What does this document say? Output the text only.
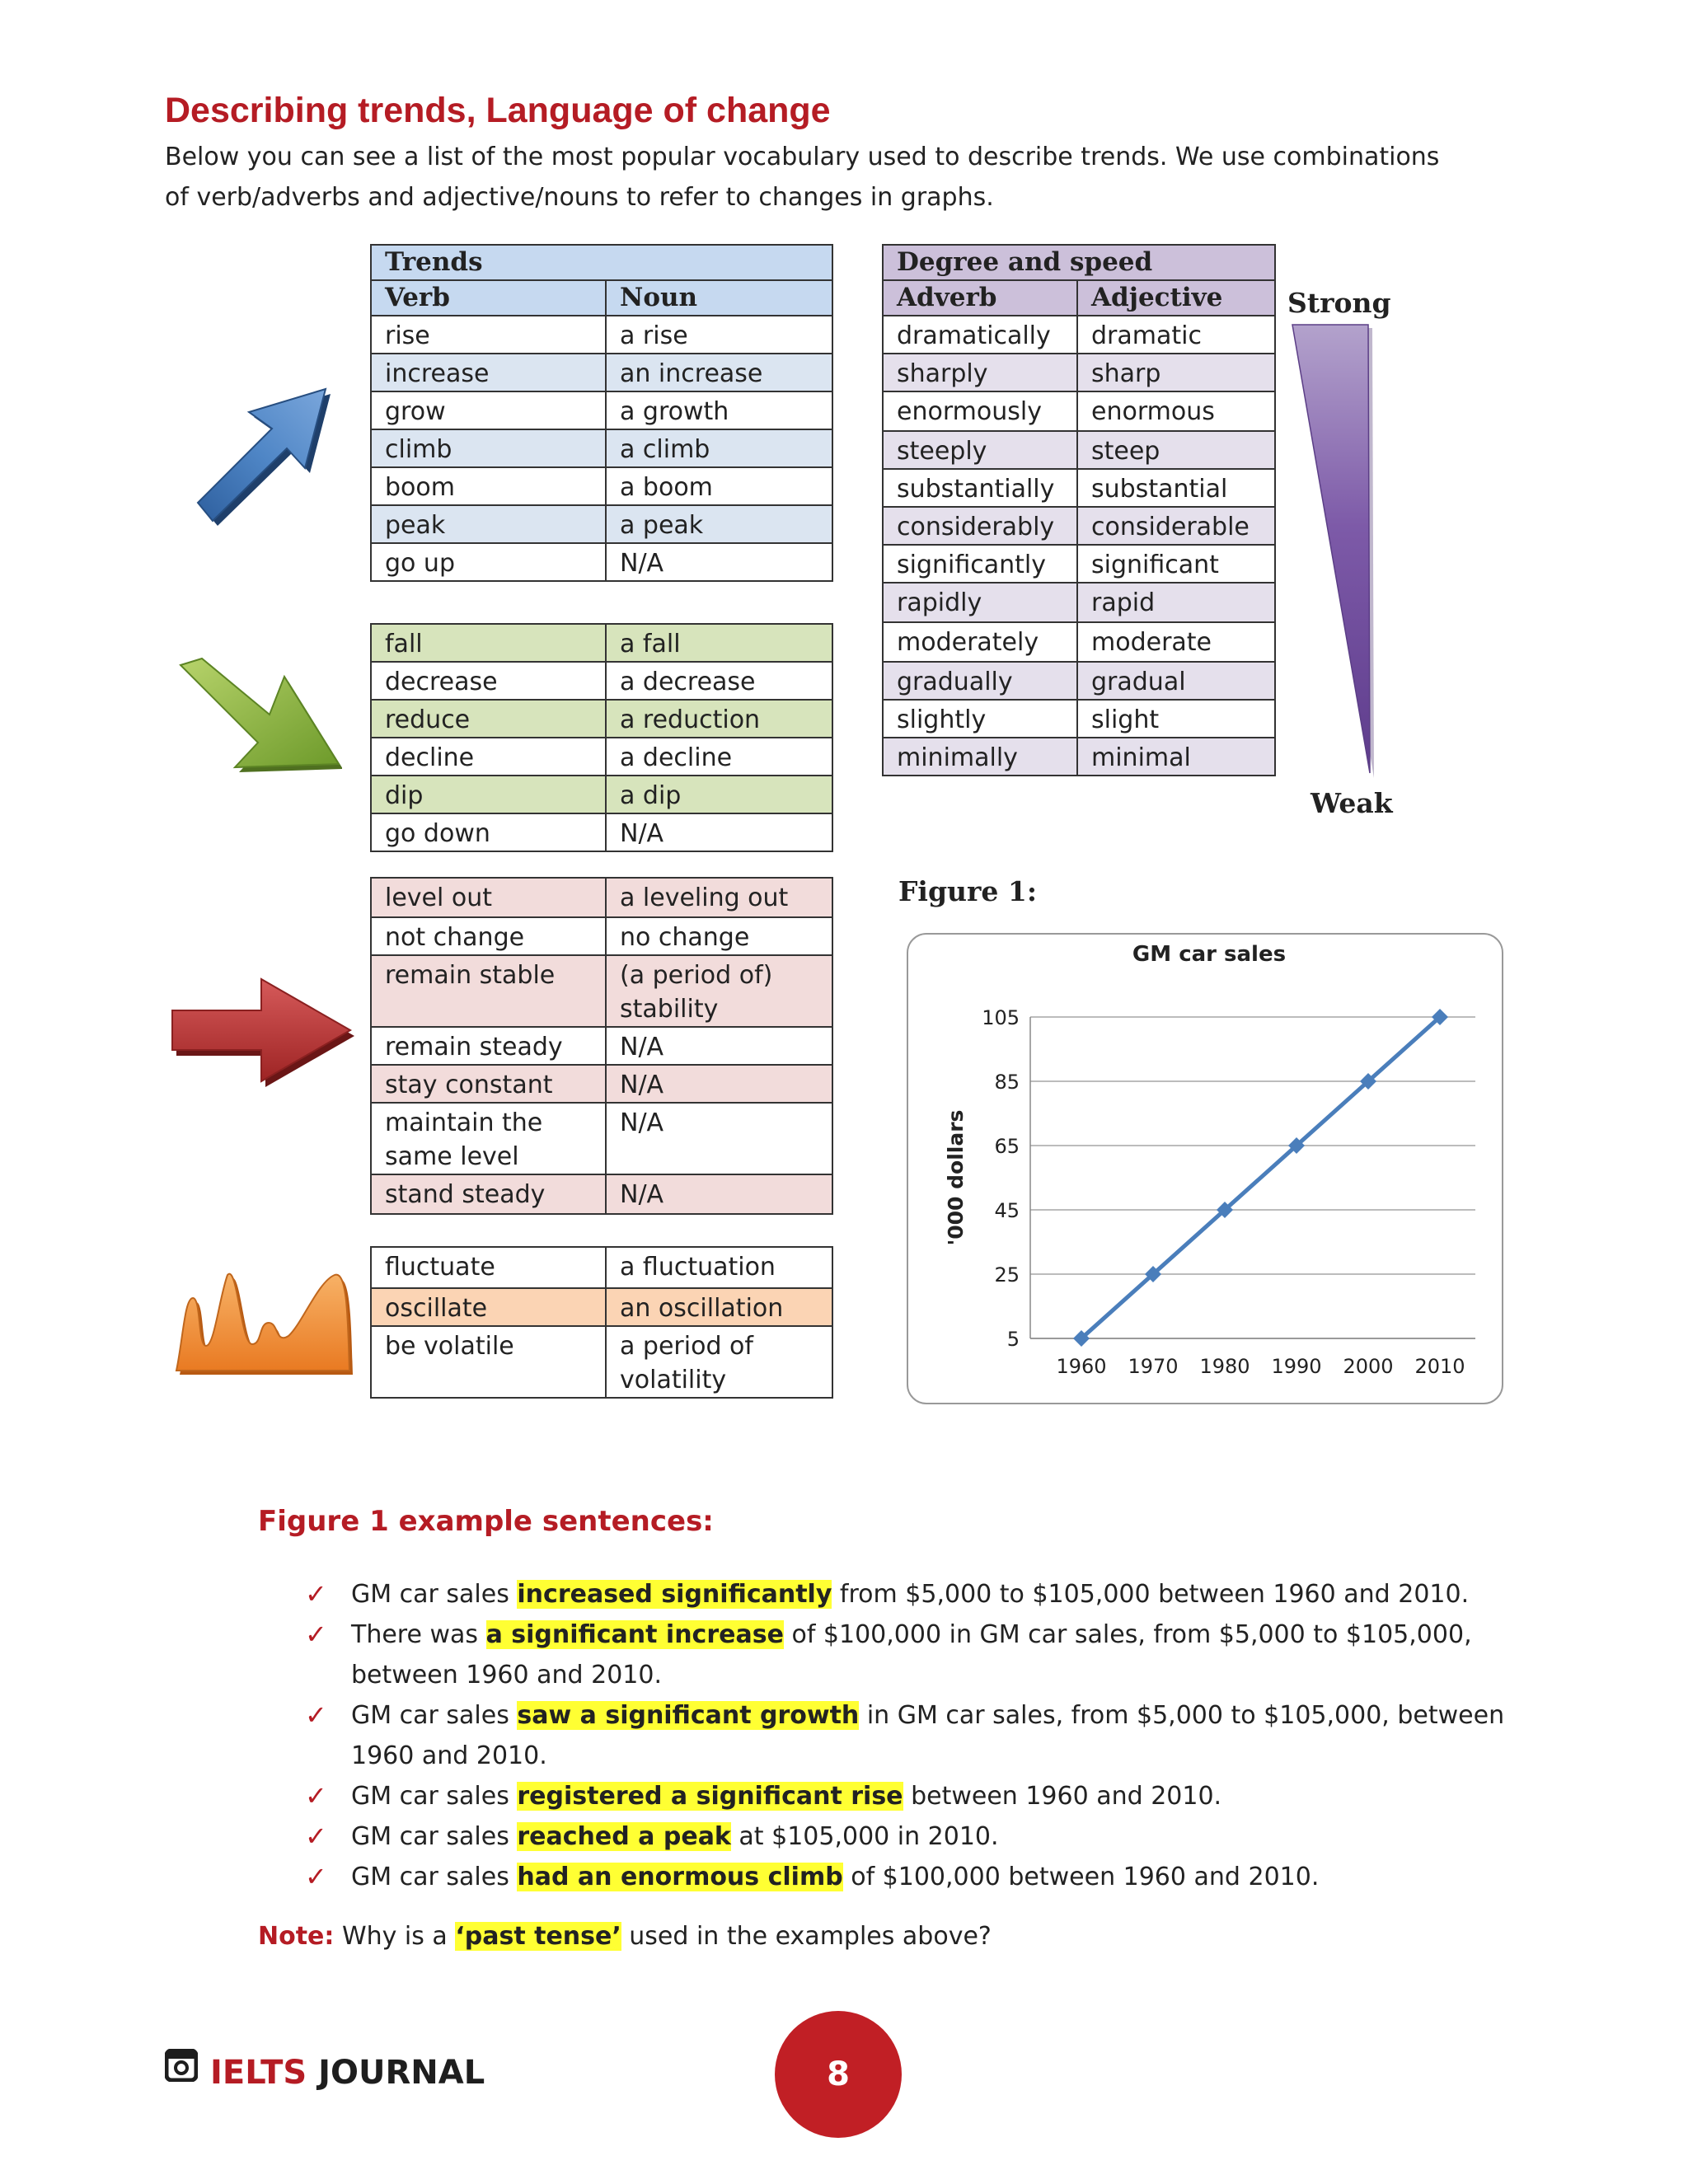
Describing trends, Language of change

Below you can see a list of the most popular vocabulary used to describe trends. We use combinations of verb/adverbs and adjective/nouns to refer to changes in graphs.

Trends	
Verb	Noun
rise	a rise
increase	an increase
grow	a growth
climb	a climb
boom	a boom
peak	a peak
go up	N/A
fall	a fall
decrease	a decrease
reduce	a reduction
decline	a decline
dip	a dip
go down	N/A
level out	a leveling out
not change	no change
remain stable	(a period of) stability
remain steady	N/A
stay constant	N/A
maintain the same level	N/A
stand steady	N/A
fluctuate	a fluctuation
oscillate	an oscillation
be volatile	a period of volatility
Degree and speed	
Adverb	Adjective
dramatically	dramatic
sharply	sharp
enormously	enormous
steeply	steep
substantially	substantial
considerably	considerable
significantly	significant
rapidly	rapid
moderately	moderate
gradually	gradual
slightly	slight
minimally	minimal
Strong
Weak
Figure 1:
GM car sales
5
25
45
65
85
105
1960 1970 1980 1990 2000 2010
'000 dollars
Figure 1 example sentences:
✓ GM car sales increased significantly from $5,000 to $105,000 between 1960 and 2010.
✓ There was a significant increase of $100,000 in GM car sales, from $5,000 to $105,000, between 1960 and 2010.
✓ GM car sales saw a significant growth in GM car sales, from $5,000 to $105,000, between 1960 and 2010.
✓ GM car sales registered a significant rise between 1960 and 2010.
✓ GM car sales reached a peak at $105,000 in 2010.
✓ GM car sales had an enormous climb of $100,000 between 1960 and 2010.

Note: Why is a ‘past tense’ used in the examples above?

IELTS JOURNAL	8
